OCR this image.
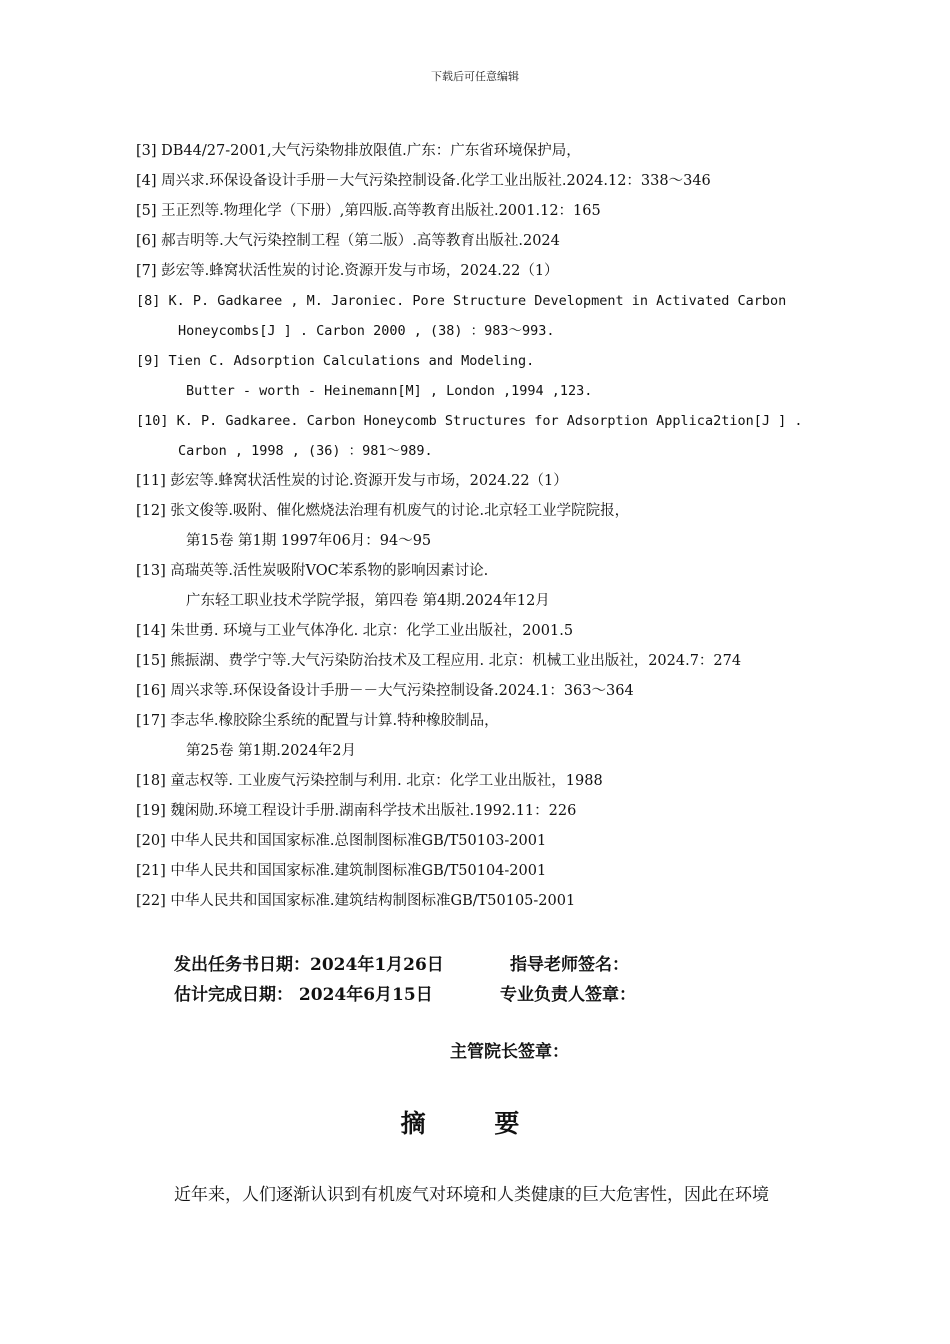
下载后可任意编辑
[3] DB44/27-2001,大气污染物排放限值.广东：广东省环境保护局，
[4] 周兴求.环保设备设计手册－大气污染控制设备.化学工业出版社.2024.12：338～346
[5] 王正烈等.物理化学（下册）,第四版.高等教育出版社.2001.12：165
[6] 郝吉明等.大气污染控制工程（第二版）.高等教育出版社.2024
[7] 彭宏等.蜂窝状活性炭的讨论.资源开发与市场，2024.22（1）
[8] K. P. Gadkaree , M. Jaroniec. Pore Structure Development in Activated Carbon
Honeycombs[J ] . Carbon 2000 , (38) ：983～993.
[9] Tien C. Adsorption Calculations and Modeling.
Butter - worth - Heinemann[M] , London ,1994 ,123.
[10] K. P. Gadkaree. Carbon Honeycomb Structures for Adsorption Applica2tion[J ] .
Carbon , 1998 , (36) ：981～989.
[11] 彭宏等.蜂窝状活性炭的讨论.资源开发与市场，2024.22（1）
[12] 张文俊等.吸附、催化燃烧法治理有机废气的讨论.北京轻工业学院院报，
第15卷 第1期 1997年06月：94～95
[13] 高瑞英等.活性炭吸附VOC苯系物的影响因素讨论.
广东轻工职业技术学院学报，第四卷 第4期.2024年12月
[14] 朱世勇. 环境与工业气体净化. 北京：化学工业出版社，2001.5
[15] 熊振湖、费学宁等.大气污染防治技术及工程应用. 北京：机械工业出版社，2024.7：274
[16] 周兴求等.环保设备设计手册－－大气污染控制设备.2024.1：363～364
[17] 李志华.橡胶除尘系统的配置与计算.特种橡胶制品，
第25卷 第1期.2024年2月
[18] 童志权等. 工业废气污染控制与利用. 北京：化学工业出版社，1988
[19] 魏闲勋.环境工程设计手册.湖南科学技术出版社.1992.11：226
[20] 中华人民共和国国家标准.总图制图标准GB/T50103-2001
[21] 中华人民共和国国家标准.建筑制图标准GB/T50104-2001
[22] 中华人民共和国国家标准.建筑结构制图标准GB/T50105-2001
发出任务书日期：2024年1月26日	指导老师签名：
估计完成日期： 2024年6月15日	专业负责人签章：
主管院长签章：
摘 要
近年来，人们逐渐认识到有机废气对环境和人类健康的巨大危害性，因此在环境
